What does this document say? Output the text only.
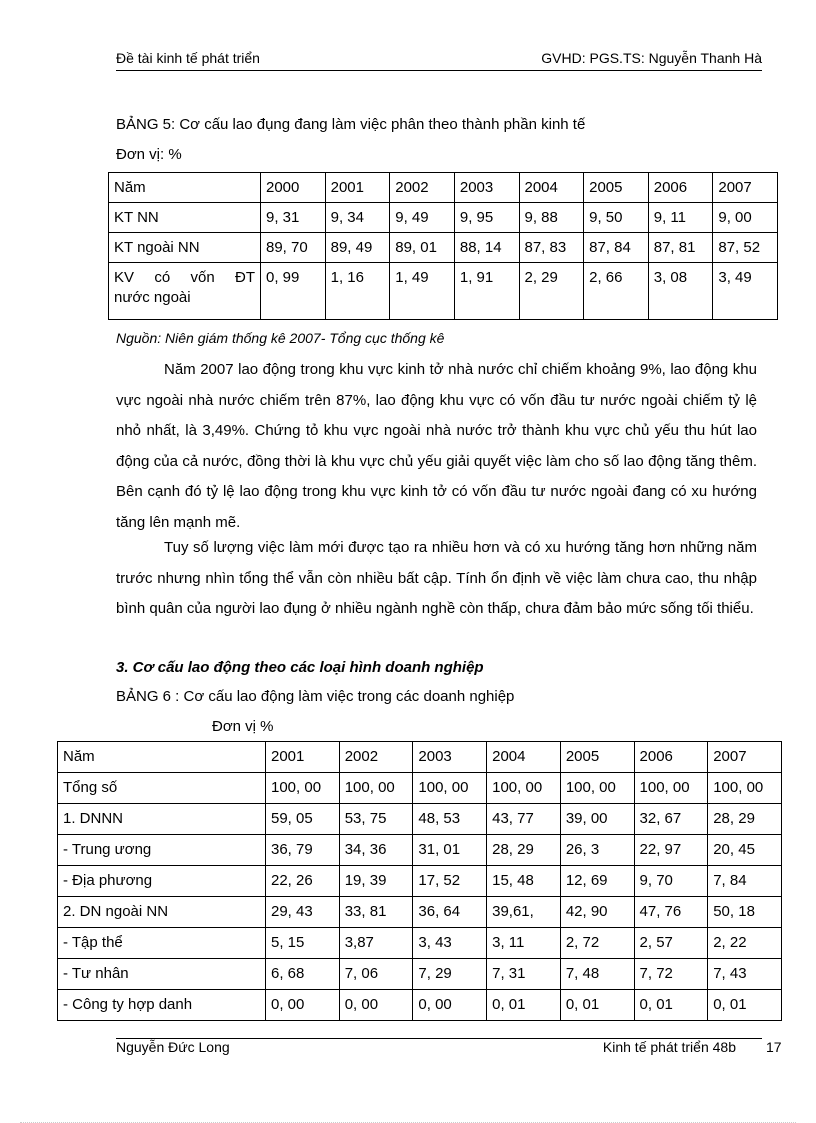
Đề tài kinh tế phát triển	GVHD: PGS.TS: Nguyễn Thanh Hà
BẢNG 5: Cơ cấu lao đụng đang làm việc phân theo thành phần kinh tế
Đơn vị: %
Năm	2000	2001	2002	2003	2004	2005	2006	2007
KT NN	9, 31	9, 34	9, 49	9, 95	9, 88	9, 50	9, 11	9, 00
KT ngoài NN	89, 70	89, 49	89, 01	88, 14	87, 83	87, 84	87, 81	87, 52

KV có vốn ĐT
nước ngoài	0, 99	1, 16	1, 49	1, 91	2, 29	2, 66	3, 08	3, 49
Nguồn: Niên giám thống kê 2007- Tổng cục thống kê
Năm 2007 lao động trong khu vực kinh tở nhà nước chỉ chiếm khoảng 9%, lao động khu vực ngoài nhà nước chiếm trên 87%, lao động khu vực có vốn đầu tư nước ngoài chiếm tỷ lệ nhỏ nhất, là 3,49%. Chứng tỏ khu vực ngoài nhà nước trở thành khu vực chủ yếu thu hút lao động của cả nước, đồng thời là khu vực chủ yếu giải quyết việc làm cho số lao động tăng thêm. Bên cạnh đó tỷ lệ lao động trong khu vực kinh tở có vốn đầu tư nước ngoài đang có xu hướng tăng lên mạnh mẽ.
Tuy số lượng việc làm mới được tạo ra nhiều hơn và có xu hướng tăng hơn những năm trước nhưng nhìn tổng thể vẫn còn nhiều bất cập. Tính ổn định về việc làm chưa cao, thu nhập bình quân của người lao đụng ở nhiều ngành nghề còn thấp, chưa đảm bảo mức sống tối thiểu.
3. Cơ cấu lao động theo các loại hình doanh nghiệp
BẢNG 6 : Cơ cấu lao động làm việc trong các doanh nghiệp
Đơn vị %
Năm	2001	2002	2003	2004	2005	2006	2007
Tổng số	100, 00	100, 00	100, 00	100, 00	100, 00	100, 00	100, 00
1. DNNN	59, 05	53, 75	48, 53	43, 77	39, 00	32, 67	28, 29
- Trung ương	36, 79	34, 36	31, 01	28, 29	26, 3	22, 97	20, 45
- Địa phương	22, 26	19, 39	17, 52	15, 48	12, 69	9, 70	7, 84
2. DN ngoài NN	29, 43	33, 81	36, 64	39,61,	42, 90	47, 76	50, 18
- Tập thể	5, 15	3,87	3, 43	3, 11	2, 72	2, 57	2, 22
- Tư nhân	6, 68	7, 06	7, 29	7, 31	7, 48	7, 72	7, 43
- Công ty hợp danh	0, 00	0, 00	0, 00	0, 01	0, 01	0, 01	0, 01
Nguyễn Đức Long	Kinh tế phát triển 48b 17
